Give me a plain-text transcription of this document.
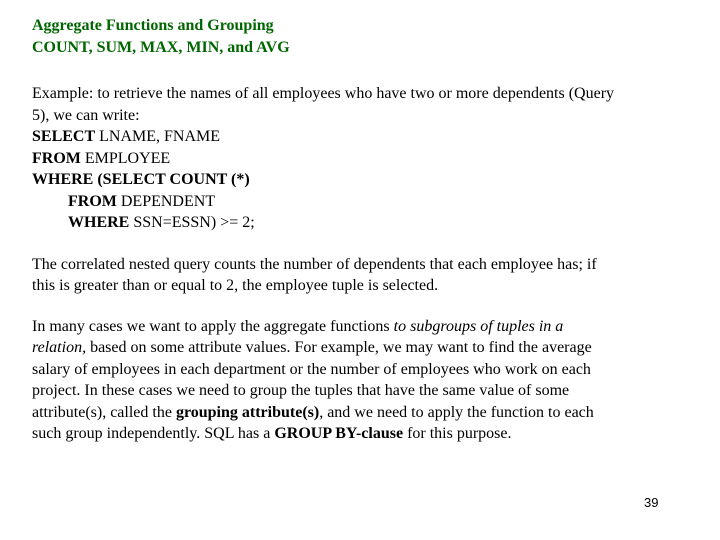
Aggregate Functions and Grouping
COUNT, SUM, MAX, MIN, and AVG

Example: to retrieve the names of all employees who have two or more dependents (Query
5), we can write:

SELECT LNAME, FNAME
FROM EMPLOYEE
WHERE (SELECT COUNT (*)
FROM DEPENDENT
WHERE SSN=ESSN) >= 2;

The correlated nested query counts the number of dependents that each employee has; if
this is greater than or equal to 2, the employee tuple is selected.

In many cases we want to apply the aggregate functions to subgroups of tuples in a
relation, based on some attribute values. For example, we may want to find the average
salary of employees in each department or the number of employees who work on each
project. In these cases we need to group the tuples that have the same value of some
attribute(s), called the grouping attribute(s), and we need to apply the function to each
such group independently. SQL has a GROUP BY-clause for this purpose.

39
